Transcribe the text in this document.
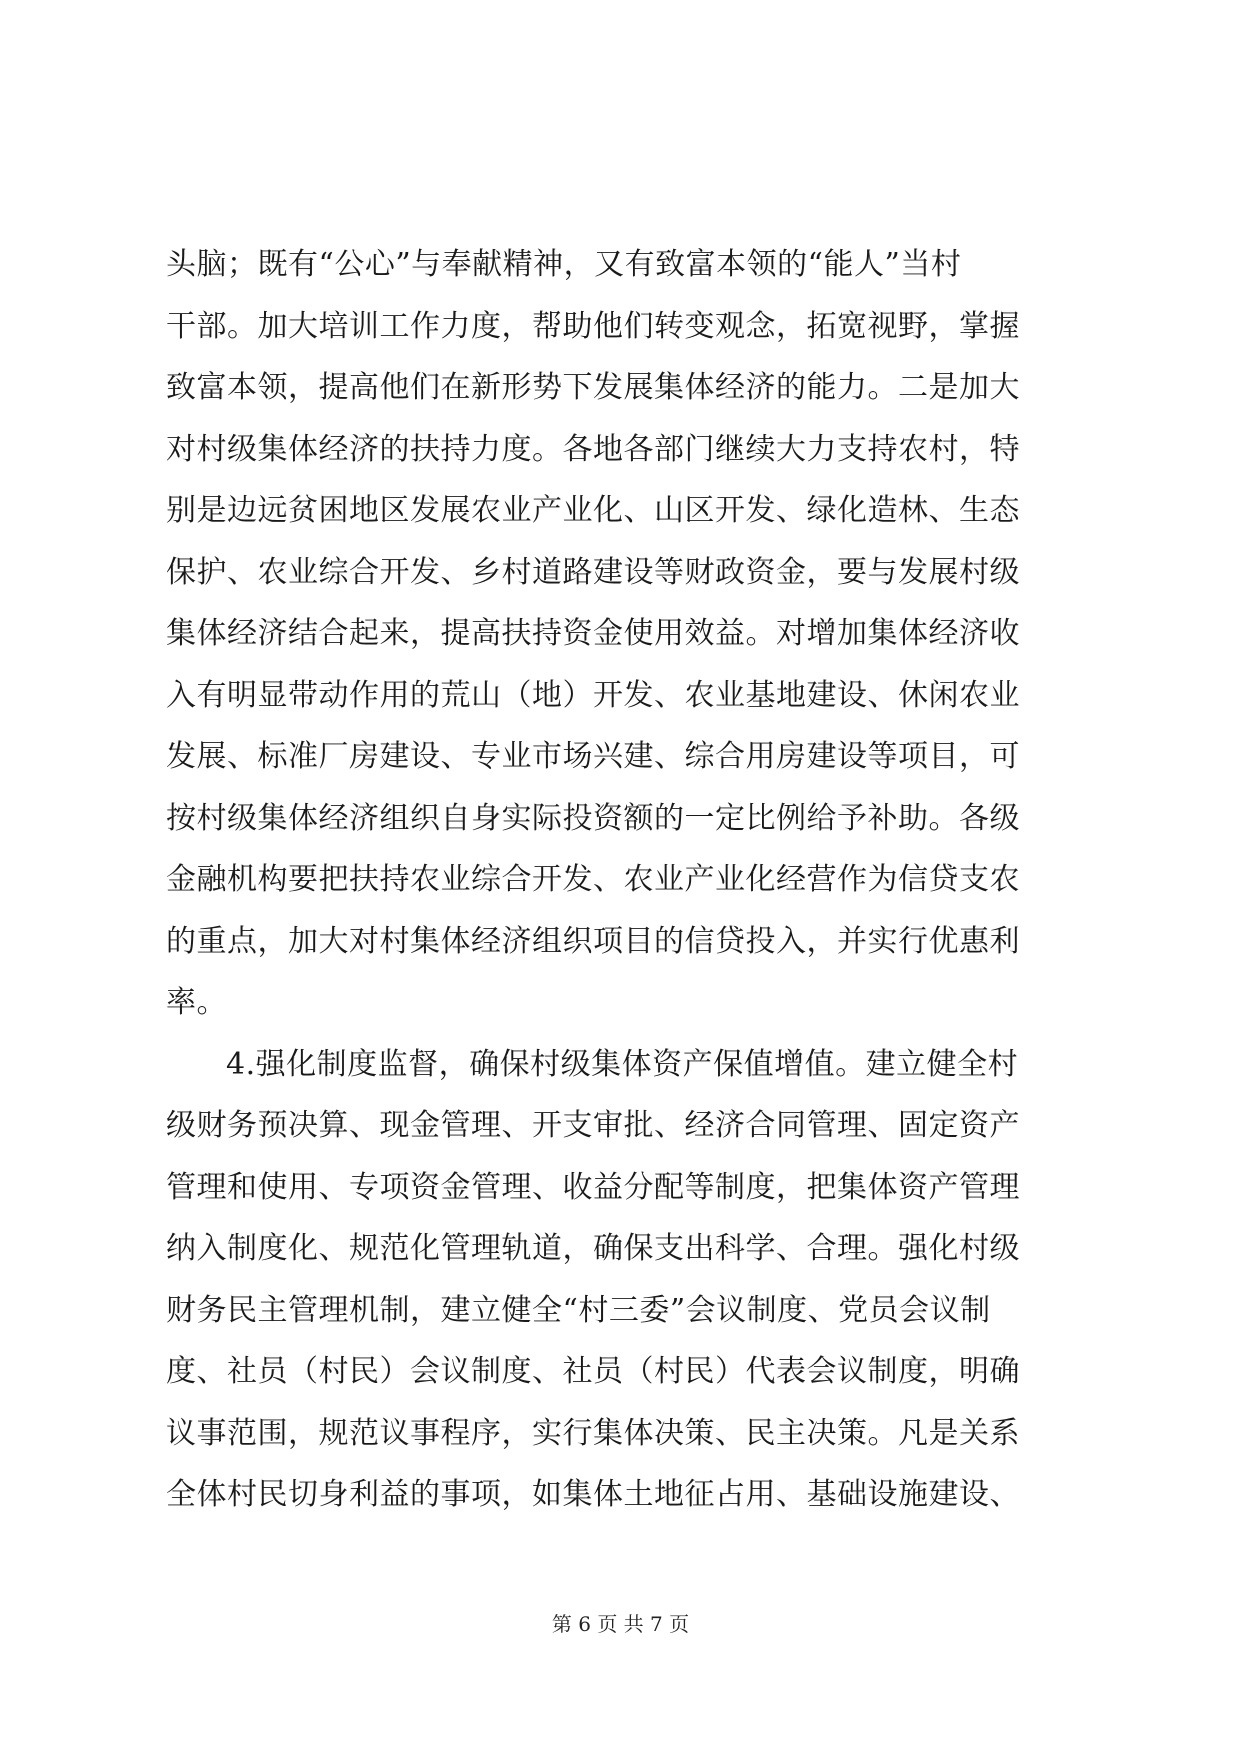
头脑；既有“公心”与奉献精神，又有致富本领的“能人”当村
干部。加大培训工作力度，帮助他们转变观念，拓宽视野，掌握
致富本领，提高他们在新形势下发展集体经济的能力。二是加大
对村级集体经济的扶持力度。各地各部门继续大力支持农村，特
别是边远贫困地区发展农业产业化、山区开发、绿化造林、生态
保护、农业综合开发、乡村道路建设等财政资金，要与发展村级
集体经济结合起来，提高扶持资金使用效益。对增加集体经济收
入有明显带动作用的荒山（地）开发、农业基地建设、休闲农业
发展、标准厂房建设、专业市场兴建、综合用房建设等项目，可
按村级集体经济组织自身实际投资额的一定比例给予补助。各级
金融机构要把扶持农业综合开发、农业产业化经营作为信贷支农
的重点，加大对村集体经济组织项目的信贷投入，并实行优惠利
率。
4.强化制度监督，确保村级集体资产保值增值。建立健全村
级财务预决算、现金管理、开支审批、经济合同管理、固定资产
管理和使用、专项资金管理、收益分配等制度，把集体资产管理
纳入制度化、规范化管理轨道，确保支出科学、合理。强化村级
财务民主管理机制，建立健全“村三委”会议制度、党员会议制
度、社员（村民）会议制度、社员（村民）代表会议制度，明确
议事范围，规范议事程序，实行集体决策、民主决策。凡是关系
全体村民切身利益的事项，如集体土地征占用、基础设施建设、
第 6 页 共 7 页
